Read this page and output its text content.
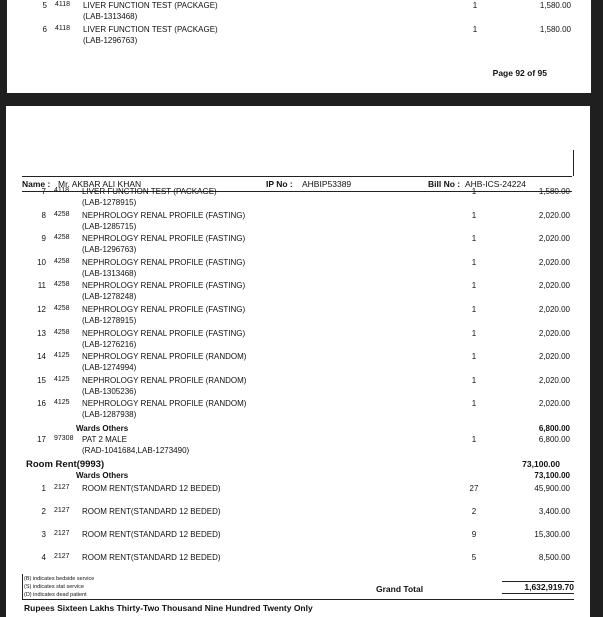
5 4118 LIVER FUNCTION TEST (PACKAGE)	1	1,580.00
(LAB-1313468)
6 4118 LIVER FUNCTION TEST (PACKAGE)	1	1,580.00
(LAB-1296763)
Page 92 of 95
Name : Mr. AKBAR ALI KHAN	IP No : AHBIP53389	Bill No : AHB-ICS-24224
7 4118 LIVER FUNCTION TEST (PACKAGE)	1	1,580.00
(LAB-1278915)
8 4258 NEPHROLOGY RENAL PROFILE (FASTING)	1	2,020.00
(LAB-1285715)
9 4258 NEPHROLOGY RENAL PROFILE (FASTING)	1	2,020.00
(LAB-1296763)
10 4258 NEPHROLOGY RENAL PROFILE (FASTING)	1	2,020.00
(LAB-1313468)
11 4258 NEPHROLOGY RENAL PROFILE (FASTING)	1	2,020.00
(LAB-1278248)
12 4258 NEPHROLOGY RENAL PROFILE (FASTING)	1	2,020.00
(LAB-1278915)
13 4258 NEPHROLOGY RENAL PROFILE (FASTING)	1	2,020.00
(LAB-1276216)
14 4125 NEPHROLOGY RENAL PROFILE (RANDOM)	1	2,020.00
(LAB-1274994)
15 4125 NEPHROLOGY RENAL PROFILE (RANDOM)	1	2,020.00
(LAB-1305236)
16 4125 NEPHROLOGY RENAL PROFILE (RANDOM)	1	2,020.00
(LAB-1287938)
Wards Others	6,800.00
17 97308 PAT 2 MALE	1	6,800.00
(RAD-1041684,LAB-1273490)
Room Rent(9993)	73,100.00
Wards Others	73,100.00
1 2127 ROOM RENT(STANDARD 12 BEDED)	27	45,900.00
2 2127 ROOM RENT(STANDARD 12 BEDED)	2	3,400.00
3 2127 ROOM RENT(STANDARD 12 BEDED)	9	15,300.00
4 2127 ROOM RENT(STANDARD 12 BEDED)	5	8,500.00
(B) indicates bedside service
(S) indicates stat service
(D) indicates dead patient
Grand Total	1,632,919.70
Rupees Sixteen Lakhs Thirty-Two Thousand Nine Hundred Twenty Only
